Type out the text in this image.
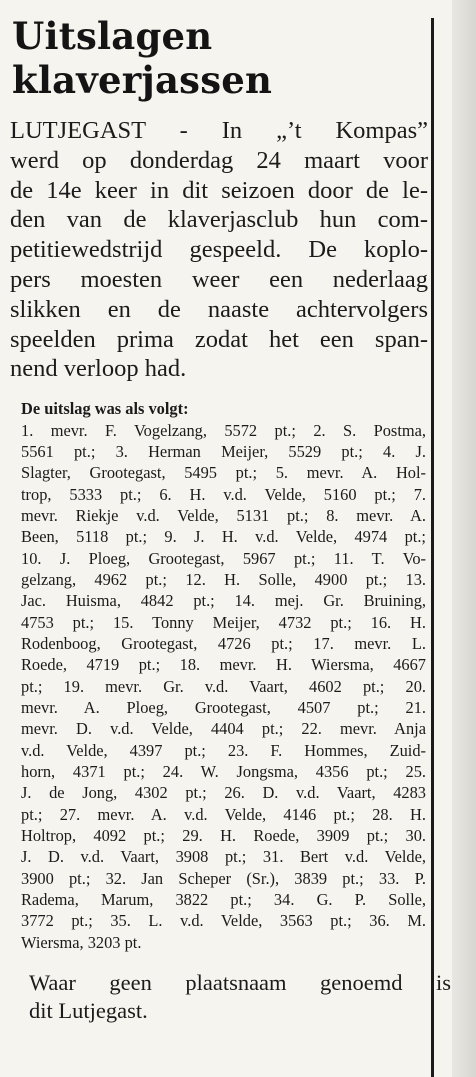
Uitslagen
klaverjassen
LUTJEGAST - In „’t Kompas”
werd op donderdag 24 maart voor
de 14e keer in dit seizoen door de le-
den van de klaverjasclub hun com-
petitiewedstrijd gespeeld. De koplo-
pers moesten weer een nederlaag
slikken en de naaste achtervolgers
speelden prima zodat het een span-
nend verloop had.
De uitslag was als volgt:
1. mevr. F. Vogelzang, 5572 pt.; 2. S. Postma,
5561 pt.; 3. Herman Meijer, 5529 pt.; 4. J.
Slagter, Grootegast, 5495 pt.; 5. mevr. A. Hol-
trop, 5333 pt.; 6. H. v.d. Velde, 5160 pt.; 7.
mevr. Riekje v.d. Velde, 5131 pt.; 8. mevr. A.
Been, 5118 pt.; 9. J. H. v.d. Velde, 4974 pt.;
10. J. Ploeg, Grootegast, 5967 pt.; 11. T. Vo-
gelzang, 4962 pt.; 12. H. Solle, 4900 pt.; 13.
Jac. Huisma, 4842 pt.; 14. mej. Gr. Bruining,
4753 pt.; 15. Tonny Meijer, 4732 pt.; 16. H.
Rodenboog, Grootegast, 4726 pt.; 17. mevr. L.
Roede, 4719 pt.; 18. mevr. H. Wiersma, 4667
pt.; 19. mevr. Gr. v.d. Vaart, 4602 pt.; 20.
mevr. A. Ploeg, Grootegast, 4507 pt.; 21.
mevr. D. v.d. Velde, 4404 pt.; 22. mevr. Anja
v.d. Velde, 4397 pt.; 23. F. Hommes, Zuid-
horn, 4371 pt.; 24. W. Jongsma, 4356 pt.; 25.
J. de Jong, 4302 pt.; 26. D. v.d. Vaart, 4283
pt.; 27. mevr. A. v.d. Velde, 4146 pt.; 28. H.
Holtrop, 4092 pt.; 29. H. Roede, 3909 pt.; 30.
J. D. v.d. Vaart, 3908 pt.; 31. Bert v.d. Velde,
3900 pt.; 32. Jan Scheper (Sr.), 3839 pt.; 33. P.
Radema, Marum, 3822 pt.; 34. G. P. Solle,
3772 pt.; 35. L. v.d. Velde, 3563 pt.; 36. M.
Wiersma, 3203 pt.
Waar geen plaatsnaam genoemd is
dit Lutjegast.
